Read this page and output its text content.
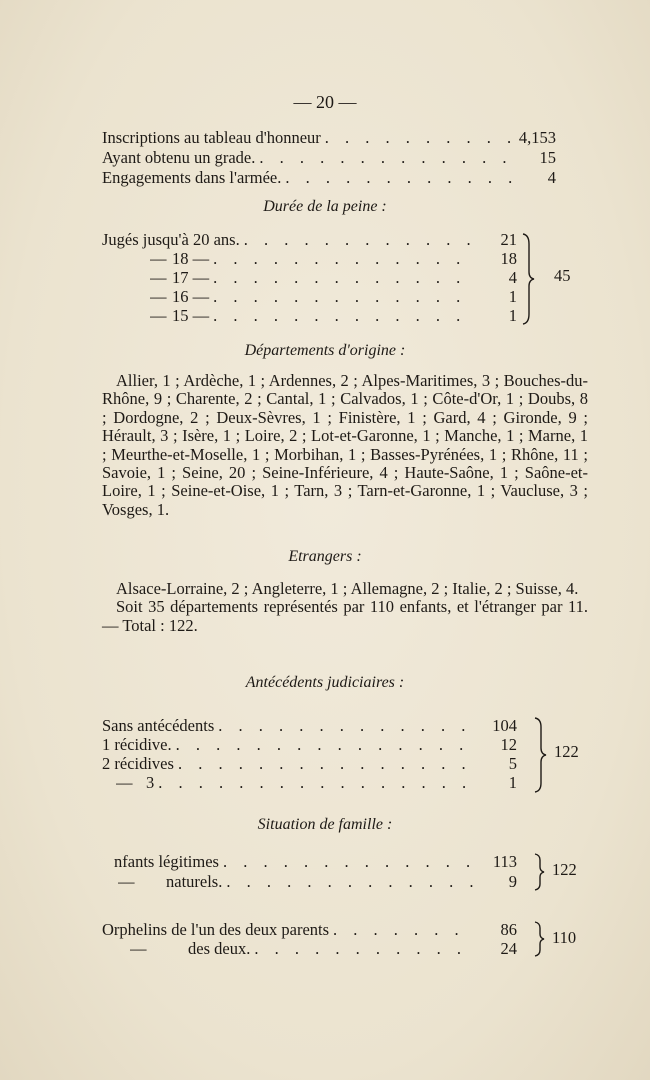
— 20 —
Inscriptions au tableau d'honneur . . .	4,153
Ayant obtenu un grade. . . .	15
Engagements dans l'armée. . . .	4
Durée de la peine :
Jugés jusqu'à 20 ans. . . .	21
— 18 — . . .	18
— 17 — . . .	4
— 16 — . . .	1
— 15 — . . .	1
45
Départements d'origine :

Allier, 1 ; Ardèche, 1 ; Ardennes, 2 ; Alpes-Maritimes, 3 ; Bouches-du-Rhône, 9 ; Charente, 2 ; Cantal, 1 ; Calvados, 1 ; Côte-d'Or, 1 ; Doubs, 8 ; Dordogne, 2 ; Deux-Sèvres, 1 ; Finistère, 1 ; Gard, 4 ; Gironde, 9 ; Hérault, 3 ; Isère, 1 ; Loire, 2 ; Lot-et-Garonne, 1 ; Manche, 1 ; Marne, 1 ; Meurthe-et-Moselle, 1 ; Morbihan, 1 ; Basses-Pyrénées, 1 ; Rhône, 11 ; Savoie, 1 ; Seine, 20 ; Seine-Inférieure, 4 ; Haute-Saône, 1 ; Saône-et-Loire, 1 ; Seine-et-Oise, 1 ; Tarn, 3 ; Tarn-et-Garonne, 1 ; Vaucluse, 3 ; Vosges, 1.

Etrangers :

Alsace-Lorraine, 2 ; Angleterre, 1 ; Allemagne, 2 ; Italie, 2 ; Suisse, 4.

Soit 35 départements représentés par 110 enfants, et l'étranger par 11. — Total : 122.

Antécédents judiciaires :
Sans antécédents . . .	104
1 récidive. . . .	12
2 récidives . . .	5
— 3 . . .	1
122
Situation de famille :
nfants légitimes . . .	113
— naturels. . . .	9
122
Orphelins de l'un des deux parents . . .	86
—	des deux. . . .	24
110
